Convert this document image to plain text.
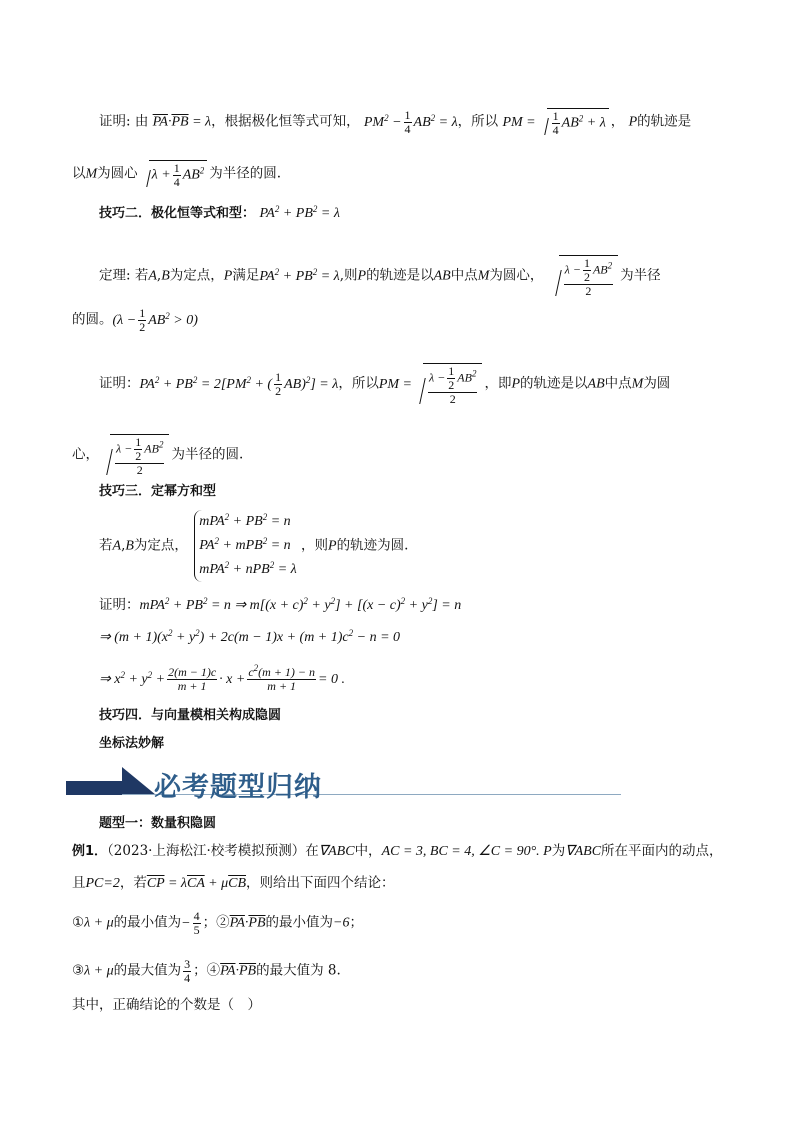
证明: 由 $\overline{PA}\cdot\overline{PB} = \lambda$，根据极化恒等式可知， $PM^2 - \frac{1}{4} AB^2 = \lambda$，所以 PM = $\frac{1}{4} AB^2 + \lambda$ ， P的轨迹是
以M为圆心 $\lambda + \frac{1}{4} AB^2$ 为半径的圆.
技巧二．极化恒等式和型： $PA^2 + PB^2 = \lambda$
定理: 若A,B为定点，P满足$PA^2 + PB^2 = \lambda$,则P的轨迹是以AB中点M为圆心， $\frac{\lambda - \frac{1}{2} AB^2}{2}$ 为半径
的圆。$(\lambda - \frac{1}{2} AB^2 > 0)$
证明：$PA^2 + PB^2 = 2[PM^2$ + ( $\frac{1}{2} AB)^2] = \lambda$，所以PM = $\frac{\lambda - \frac{1}{2} AB^2}{2}$ ，即P的轨迹是以AB中点M为圆
心， $\frac{\lambda - \frac{1}{2} AB^2}{2}$ 为半径的圆.
技巧三．定幂方和型
若A,B为定点，
$mPA^2 + PB^2 = n$
$PA^2 + mPB^2 = n$
mPA$^2$ + nPB$^2$ = λ
，则P的轨迹为圆.
证明：$mPA^2 + PB^2 = n$ ⇒ $m[(x + c)^2 + y^2] + [(x - c)^2 + y^2] = n$
⇒ $(m + 1)(x^2 + y^2) + 2c(m - 1)x + (m + 1)c^2 - n = 0$
⇒ $x^2 + y^2 + \frac{2(m - 1)c}{m + 1} \cdot x + \frac{c^2(m + 1) - n}{m + 1} = 0$ .
技巧四．与向量模相关构成隐圆
坐标法妙解
必考题型归纳
题型一：数量积隐圆
例1．（2023·上海松江·校考模拟预测）在∇ABC中，AC = 3, BC = 4, ∠C = 90°. P为∇ABC所在平面内的动点，
且PC=2，若$\overline{CP} = \lambda\overline{CA} + \mu\overline{CB}$，则给出下面四个结论：
①λ + μ的最小值为− $\frac{4}{5}$ ；$②\overline{PA}\cdot\overline{PB}$的最小值为−6；
③λ + μ的最大值为 $\frac{3}{4}$ ；$④\overline{PA}\cdot\overline{PB}$的最大值为 8.
其中，正确结论的个数是（　）
